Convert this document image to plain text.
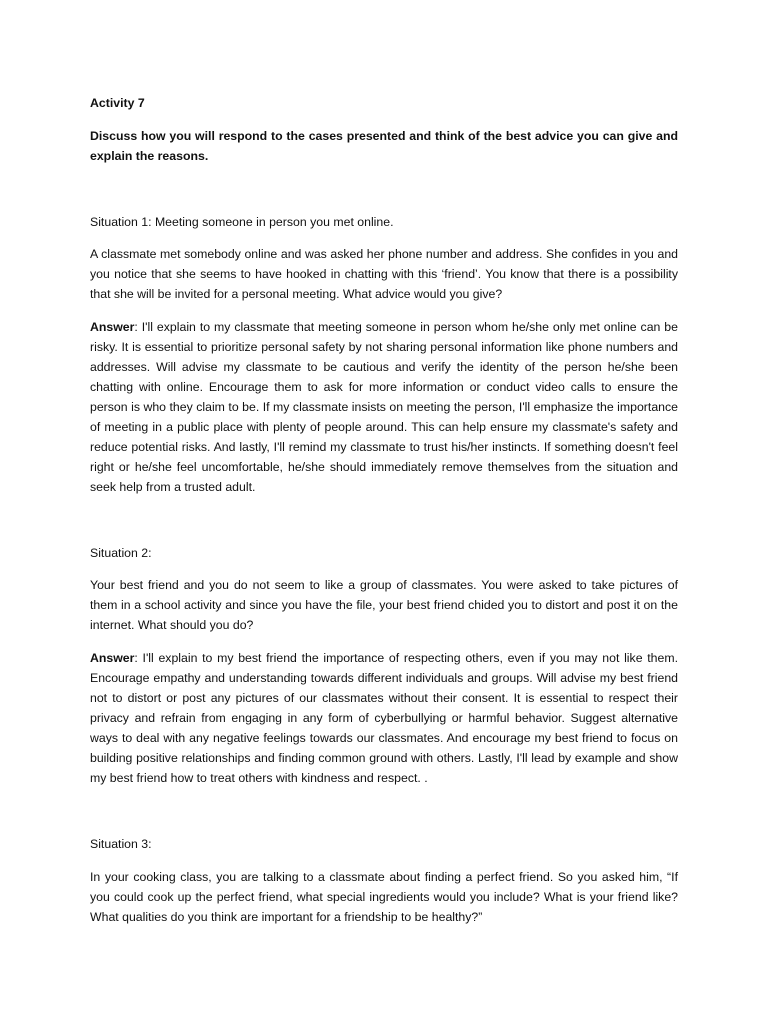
Activity 7

Discuss how you will respond to the cases presented and think of the best advice you can give and explain the reasons.

Situation 1: Meeting someone in person you met online.

A classmate met somebody online and was asked her phone number and address. She confides in you and you notice that she seems to have hooked in chatting with this ‘friend’. You know that there is a possibility that she will be invited for a personal meeting. What advice would you give?

Answer: I'll explain to my classmate that meeting someone in person whom he/she only met online can be risky. It is essential to prioritize personal safety by not sharing personal information like phone numbers and addresses. Will advise my classmate to be cautious and verify the identity of the person he/she been chatting with online. Encourage them to ask for more information or conduct video calls to ensure the person is who they claim to be. If my classmate insists on meeting the person, I'll emphasize the importance of meeting in a public place with plenty of people around. This can help ensure my classmate's safety and reduce potential risks. And lastly, I'll remind my classmate to trust his/her instincts. If something doesn't feel right or he/she feel uncomfortable, he/she should immediately remove themselves from the situation and seek help from a trusted adult.

Situation 2:

Your best friend and you do not seem to like a group of classmates. You were asked to take pictures of them in a school activity and since you have the file, your best friend chided you to distort and post it on the internet. What should you do?

Answer: I'll explain to my best friend the importance of respecting others, even if you may not like them. Encourage empathy and understanding towards different individuals and groups. Will advise my best friend not to distort or post any pictures of our classmates without their consent. It is essential to respect their privacy and refrain from engaging in any form of cyberbullying or harmful behavior. Suggest alternative ways to deal with any negative feelings towards our classmates. And encourage my best friend to focus on building positive relationships and finding common ground with others. Lastly, I'll lead by example and show my best friend how to treat others with kindness and respect. .

Situation 3:

In your cooking class, you are talking to a classmate about finding a perfect friend. So you asked him, “If you could cook up the perfect friend, what special ingredients would you include? What is your friend like? What qualities do you think are important for a friendship to be healthy?”
